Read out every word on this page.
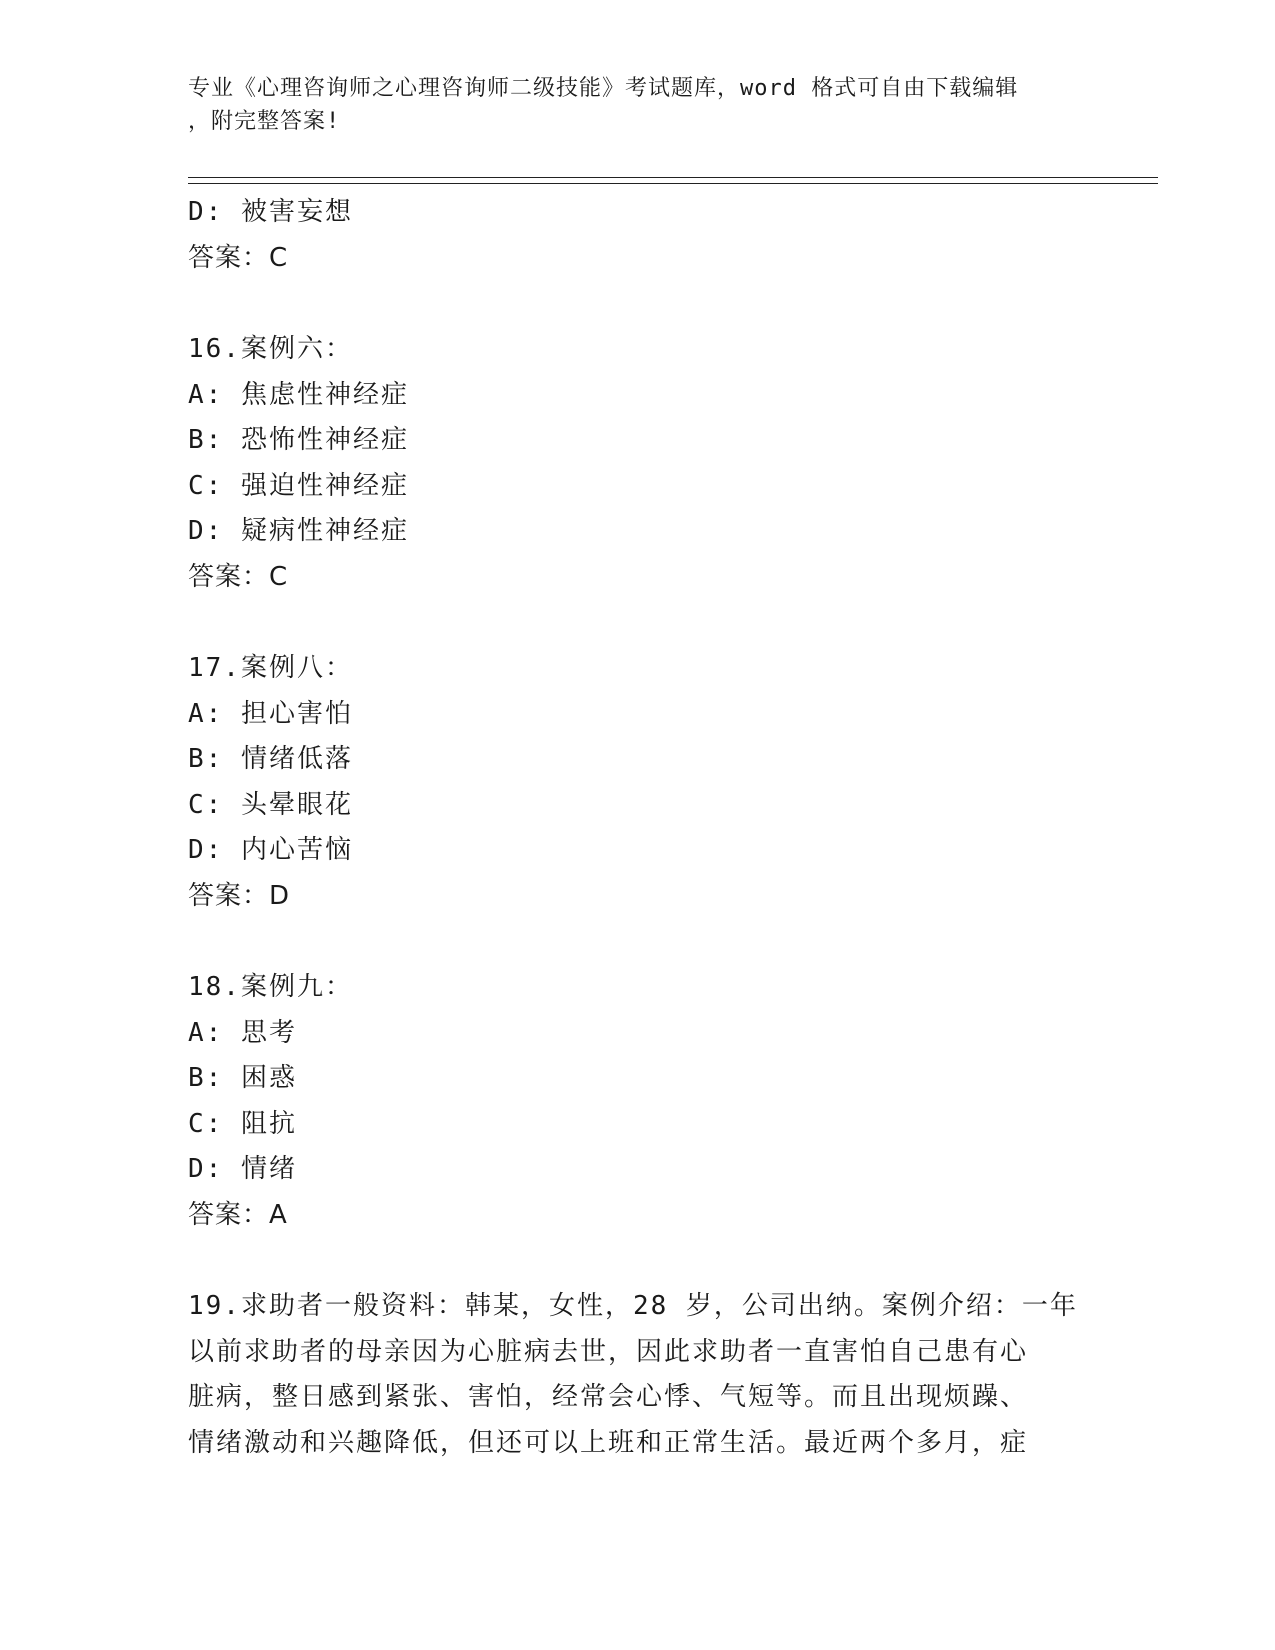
专业《心理咨询师之心理咨询师二级技能》考试题库，word 格式可自由下载编辑
，附完整答案!
D: 被害妄想
答案：C
16.案例六：
A: 焦虑性神经症
B: 恐怖性神经症
C: 强迫性神经症
D: 疑病性神经症
答案：C
17.案例八：
A: 担心害怕
B: 情绪低落
C: 头晕眼花
D: 内心苦恼
答案：D
18.案例九：
A: 思考
B: 困惑
C: 阻抗
D: 情绪
答案：A
19.求助者一般资料：韩某，女性，28 岁，公司出纳。案例介绍：一年
以前求助者的母亲因为心脏病去世，因此求助者一直害怕自己患有心
脏病，整日感到紧张、害怕，经常会心悸、气短等。而且出现烦躁、
情绪激动和兴趣降低，但还可以上班和正常生活。最近两个多月，症
